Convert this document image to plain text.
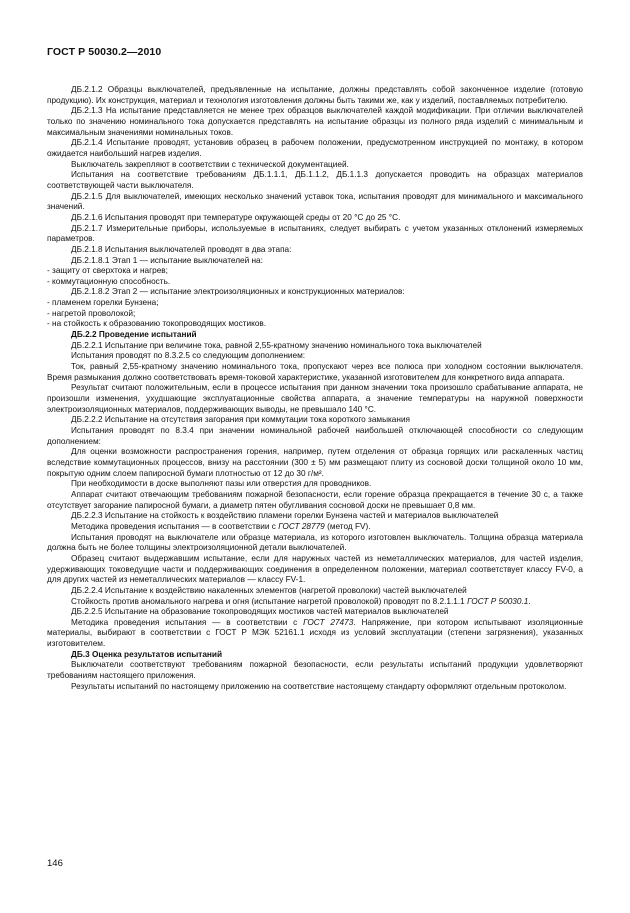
ГОСТ Р 50030.2—2010

ДБ.2.1.2 Образцы выключателей, предъявленные на испытание, должны представлять собой законченное изделие (готовую продукцию). Их конструкция, материал и технология изготовления должны быть такими же, как у изделий, поставляемых потребителю.

ДБ.2.1.3 На испытание представляется не менее трех образцов выключателей каждой модификации. При отличии выключателей только по значению номинального тока допускается представлять на испытание образцы из полного ряда изделий с минимальным и максимальным значениями номинальных токов.

ДБ.2.1.4 Испытание проводят, установив образец в рабочем положении, предусмотренном инструкцией по монтажу, в котором ожидается наибольший нагрев изделия.

Выключатель закрепляют в соответствии с технической документацией.

Испытания на соответствие требованиям ДБ.1.1.1, ДБ.1.1.2, ДБ.1.1.3 допускается проводить на образцах материалов соответствующей части выключателя.

ДБ.2.1.5 Для выключателей, имеющих несколько значений уставок тока, испытания проводят для минимального и максимального значений.

ДБ.2.1.6 Испытания проводят при температуре окружающей среды от 20 °С до 25 °С.

ДБ.2.1.7 Измерительные приборы, используемые в испытаниях, следует выбирать с учетом указанных отклонений измеряемых параметров.

ДБ.2.1.8 Испытания выключателей проводят в два этапа:

ДБ.2.1.8.1 Этап 1 — испытание выключателей на:

- защиту от сверхтока и нагрев;

- коммутационную способность.

ДБ.2.1.8.2 Этап 2 — испытание электроизоляционных и конструкционных материалов:

- пламенем горелки Бунзена;

- нагретой проволокой;

- на стойкость к образованию токопроводящих мостиков.

ДБ.2.2 Проведение испытаний

ДБ.2.2.1 Испытание при величине тока, равной 2,55-кратному значению номинального тока выключателей

Испытания проводят по 8.3.2.5 со следующим дополнением:

Ток, равный 2,55-кратному значению номинального тока, пропускают через все полюса при холодном состоянии выключателя. Время размыкания должно соответствовать время-токовой характеристике, указанной изготовителем для конкретного вида аппарата.

Результат считают положительным, если в процессе испытания при данном значении тока произошло срабатывание аппарата, не произошли изменения, ухудшающие эксплуатационные свойства аппарата, а значение температуры на наружной поверхности электроизоляционных материалов, поддерживающих выводы, не превышало 140 °С.

ДБ.2.2.2 Испытание на отсутствия загорания при коммутации тока короткого замыкания

Испытания проводят по 8.3.4 при значении номинальной рабочей наибольшей отключающей способности со следующим дополнением:

Для оценки возможности распространения горения, например, путем отделения от образца горящих или раскаленных частиц вследствие коммутационных процессов, внизу на расстоянии (300 ± 5) мм размещают плиту из сосновой доски толщиной около 10 мм, покрытую одним слоем папиросной бумаги плотностью от 12 до 30 г/м².

При необходимости в доске выполняют пазы или отверстия для проводников.

Аппарат считают отвечающим требованиям пожарной безопасности, если горение образца прекращается в течение 30 с, а также отсутствует загорание папиросной бумаги, а диаметр пятен обугливания сосновой доски не превышает 0,8 мм.

ДБ.2.2.3 Испытание на стойкость к воздействию пламени горелки Бунзена частей и материалов выключателей

Методика проведения испытания — в соответствии с ГОСТ 28779 (метод FV).

Испытания проводят на выключателе или образце материала, из которого изготовлен выключатель. Толщина образца материала должна быть не более толщины электроизоляционной детали выключателей.

Образец считают выдержавшим испытание, если для наружных частей из неметаллических материалов, для частей изделия, удерживающих токоведущие части и поддерживающих соединения в определенном положении, материал соответствует классу FV-0, а для других частей из неметаллических материалов — классу FV-1.

ДБ.2.2.4 Испытание к воздействию накаленных элементов (нагретой проволоки) частей выключателей

Стойкость против аномального нагрева и огня (испытание нагретой проволокой) проводят по 8.2.1.1.1 ГОСТ Р 50030.1.

ДБ.2.2.5 Испытание на образование токопроводящих мостиков частей материалов выключателей

Методика проведения испытания — в соответствии с ГОСТ 27473. Напряжение, при котором испытывают изоляционные материалы, выбирают в соответствии с ГОСТ Р МЭК 52161.1 исходя из условий эксплуатации (степени загрязнения), указанных изготовителем.

ДБ.3 Оценка результатов испытаний

Выключатели соответствуют требованиям пожарной безопасности, если результаты испытаний продукции удовлетворяют требованиям настоящего приложения.

Результаты испытаний по настоящему приложению на соответствие настоящему стандарту оформляют отдельным протоколом.

146
